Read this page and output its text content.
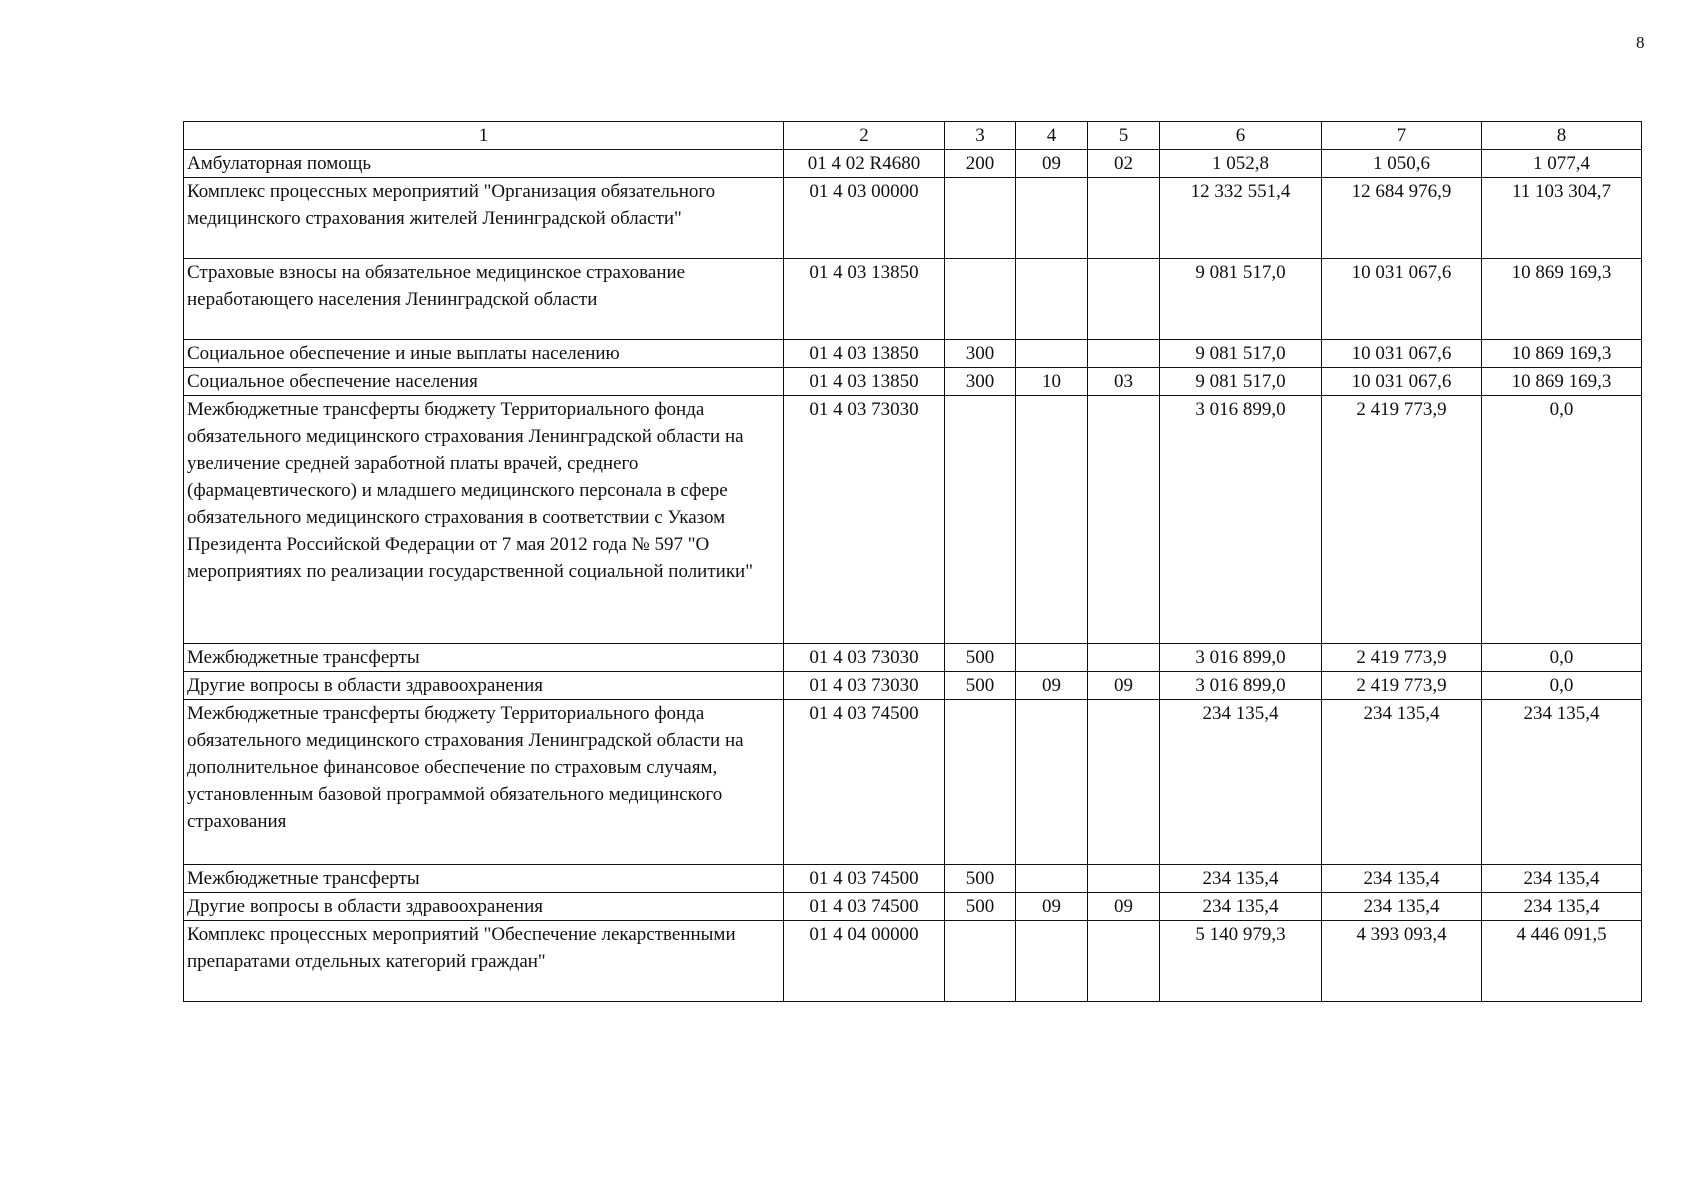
8
1	2	3	4	5	6	7	8
Амбулаторная помощь	01 4 02 R4680	200	09	02	1 052,8	1 050,6	1 077,4
Комплекс процессных мероприятий "Организация обязательного медицинского страхования жителей Ленинградской области"	01 4 03 00000				12 332 551,4	12 684 976,9	11 103 304,7
Страховые взносы на обязательное медицинское страхование неработающего населения Ленинградской области	01 4 03 13850				9 081 517,0	10 031 067,6	10 869 169,3
Социальное обеспечение и иные выплаты населению	01 4 03 13850	300			9 081 517,0	10 031 067,6	10 869 169,3
Социальное обеспечение населения	01 4 03 13850	300	10	03	9 081 517,0	10 031 067,6	10 869 169,3
Межбюджетные трансферты бюджету Территориального фонда обязательного медицинского страхования Ленинградской области на увеличение средней заработной платы врачей, среднего (фармацевтического) и младшего медицинского персонала в сфере обязательного медицинского страхования в соответствии с Указом Президента Российской Федерации от 7 мая 2012 года № 597 "О мероприятиях по реализации государственной социальной политики"	01 4 03 73030				3 016 899,0	2 419 773,9	0,0
Межбюджетные трансферты	01 4 03 73030	500			3 016 899,0	2 419 773,9	0,0
Другие вопросы в области здравоохранения	01 4 03 73030	500	09	09	3 016 899,0	2 419 773,9	0,0
Межбюджетные трансферты бюджету Территориального фонда обязательного медицинского страхования Ленинградской области на дополнительное финансовое обеспечение по страховым случаям, установленным базовой программой обязательного медицинского страхования	01 4 03 74500				234 135,4	234 135,4	234 135,4
Межбюджетные трансферты	01 4 03 74500	500			234 135,4	234 135,4	234 135,4
Другие вопросы в области здравоохранения	01 4 03 74500	500	09	09	234 135,4	234 135,4	234 135,4
Комплекс процессных мероприятий "Обеспечение лекарственными препаратами отдельных категорий граждан"	01 4 04 00000				5 140 979,3	4 393 093,4	4 446 091,5
